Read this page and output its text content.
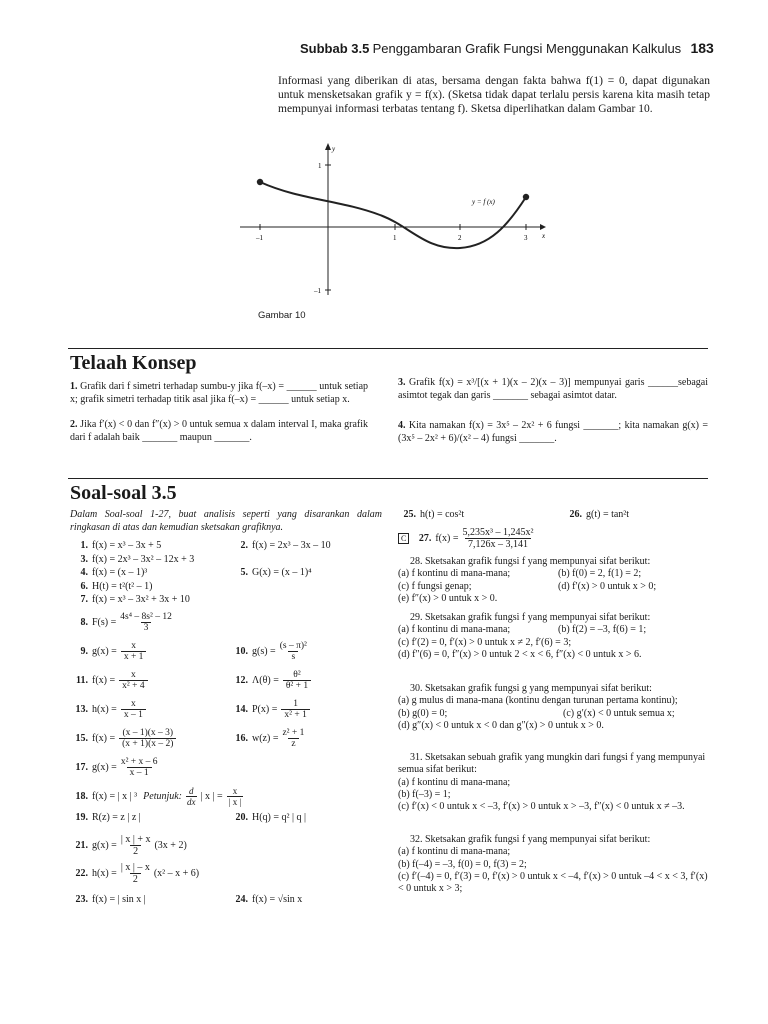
Subbab 3.5 Penggambaran Grafik Fungsi Menggunakan Kalkulus 183
Informasi yang diberikan di atas, bersama dengan fakta bahwa f(1) = 0, dapat digunakan untuk mensketsakan grafik y = f(x). (Sketsa tidak dapat terlalu persis karena kita masih tetap mempunyai informasi terbatas tentang f). Sketsa diperlihatkan dalam Gambar 10.
y
x
y = f (x)
–1	1	2	3
1
–1
Gambar 10
Telaah Konsep
1. Grafik dari f simetri terhadap sumbu-y jika f(–x) = ______ untuk setiap x; grafik simetri terhadap titik asal jika f(–x) = ______ untuk setiap x.
2. Jika f′(x) < 0 dan f″(x) > 0 untuk semua x dalam interval I, maka grafik dari f adalah baik _______ maupun _______.
3. Grafik f(x) = x³/[(x + 1)(x – 2)(x – 3)] mempunyai garis ______sebagai asimtot tegak dan garis _______ sebagai asimtot datar.
4. Kita namakan f(x) = 3x⁵ – 2x² + 6 fungsi _______; kita namakan g(x) = (3x⁵ – 2x² + 6)/(x² – 4) fungsi _______.
Soal-soal 3.5
Dalam Soal-soal 1-27, buat analisis seperti yang disarankan dalam ringkasan di atas dan kemudian sketsakan grafiknya.
1. f(x) = x³ – 3x + 5	2. f(x) = 2x³ – 3x – 10
3. f(x) = 2x³ – 3x² – 12x + 3
4. f(x) = (x – 1)³	5. G(x) = (x – 1)⁴
6. H(t) = t²(t² – 1)
7. f(x) = x³ – 3x² + 3x + 10
8. $F(s) = \frac{\text{4s⁴ – 8s² – 12}}{3}$
9. $g(x) = \frac{x}{x + 1}$	10. $g(s) = \frac{\text{(s – π)²}}{s}$
11. $f(x) = \frac{x}{\text{x² + 4}}$	12. $\Lambda(\theta) = \frac{\text{θ²}}{\text{θ² + 1}}$
13. $h(x) = \frac{x}{x - 1}$	14. $P(x) = \frac{1}{\text{x² + 1}}$
15. $f(x) = \frac{(x - 1)(x - 3)}{(x + 1)(x - 2)}$	16. $w(z) = \frac{\text{z² + 1}}{z}$
17. $g(x) = \frac{\text{x² + x – 6}}{x - 1}$
18. f(x) = | x | ³ Petunjuk: d
dx | x | = $\frac{x}{| x |}$
19. R(z) = z | z |	20. H(q) = q² | q |
21. $g(x) = \frac{| x | + x}{2} (3x + 2)$
22. $h(x) = \frac{| x | - x}{2} (x^2 - x + 6)$
23. f(x) = | sin x |	24. f(x) = √sin x
25. h(t) = cos²t	26. g(t) = tan²t
C	27. $f(x) = \frac{\text{5,235x³ – 1,245x²}}{7,126x - 3,141}$

28. Sketsakan grafik fungsi f yang mempunyai sifat berikut:

(a) f kontinu di mana-mana;	(b) f(0) = 2, f(1) = 2;

(c) f fungsi genap;	(d) f′(x) > 0 untuk x > 0;

(e) f″(x) > 0 untuk x > 0.

29. Sketsakan grafik fungsi f yang mempunyai sifat berikut:

(a) f kontinu di mana-mana;	(b) f(2) = –3, f(6) = 1;

(c) f′(2) = 0, f′(x) > 0 untuk x ≠ 2, f′(6) = 3;

(d) f″(6) = 0, f″(x) > 0 untuk 2 < x < 6, f″(x) < 0 untuk x > 6.

30. Sketsakan grafik fungsi g yang mempunyai sifat berikut:

(a) g mulus di mana-mana (kontinu dengan turunan pertama kontinu);

(b) g(0) = 0;	(c) g′(x) < 0 untuk semua x;

(d) g″(x) < 0 untuk x < 0 dan g″(x) > 0 untuk x > 0.

31. Sketsakan sebuah grafik yang mungkin dari fungsi f yang mempunyai semua sifat berikut:

(a) f kontinu di mana-mana;

(b) f(–3) = 1;

(c) f′(x) < 0 untuk x < –3, f′(x) > 0 untuk x > –3, f″(x) < 0 untuk x ≠ –3.

32. Sketsakan grafik fungsi f yang mempunyai sifat berikut:

(a) f kontinu di mana-mana;

(b) f(–4) = –3, f(0) = 0, f(3) = 2;

(c) f′(–4) = 0, f′(3) = 0, f′(x) > 0 untuk x < –4, f′(x) > 0 untuk –4 < x < 3, f′(x) < 0 untuk x > 3;
